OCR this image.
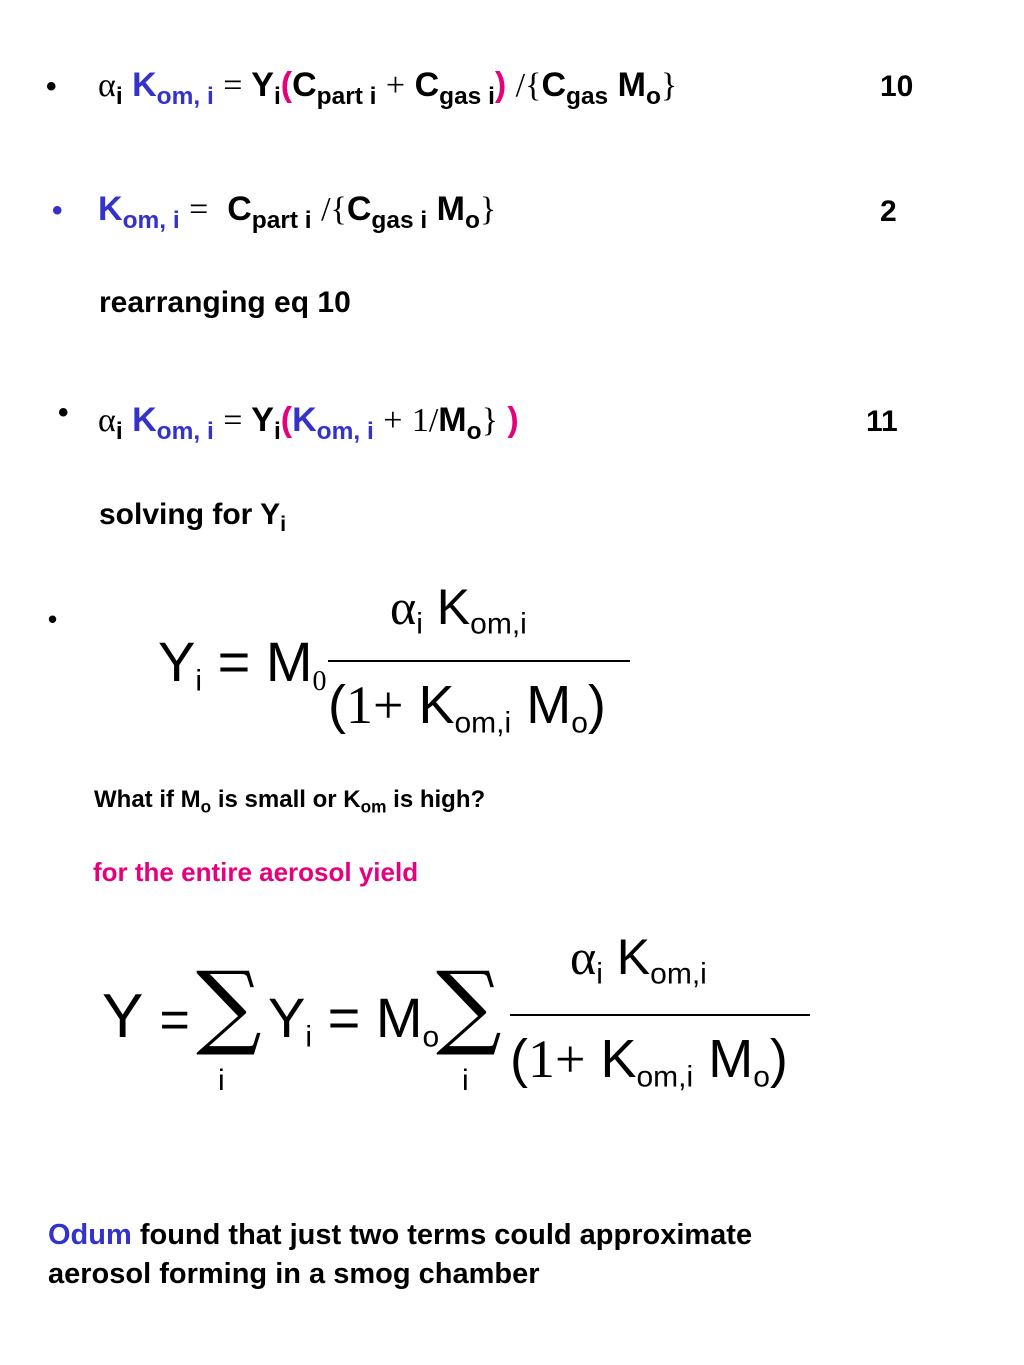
• $\alpha_i$ $K_{om, i} = Y_i(C_{part i} + C_{gas i})$ $/\{C_{gas}$ $M_o$}	10
• $K_{om, i} = C_{part i}$ $/\{C_{gas i}$ $M_o$}	2
rearranging eq 10
• $\alpha_i$ $K_{om, i} = Y_i(K_{om, i} + 1/M_o\}$ )	11
solving for $Y_i$
•
$Y_i = M_0$
$\alpha_i$ $K_{om,i}$
($1+ K_{om,i}$ $M_o$)
What if $M_o$ is small or $K_{om}$ is high?
for the entire aerosol yield
Y = ∑
i
$Y_i = M_o$
∑
i
$\alpha_i$ $K_{om,i}$
($1+ K_{om,i}$ $M_o$)
Odum found that just two terms could approximate
aerosol forming in a smog chamber
